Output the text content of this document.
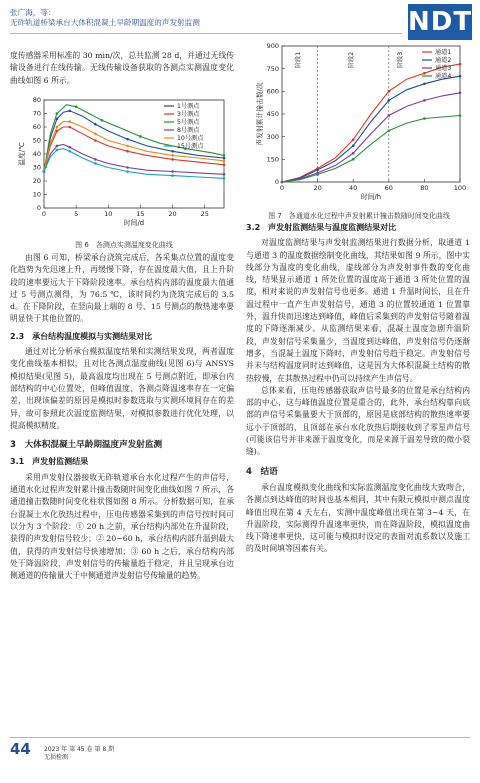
张广海，等：
无砟轨道桥梁承台大体积混凝土早龄期温度的声发射监测	NDT

度传感器采用标准的 30 min/次，总共监测 28 d，并通过无线传输设备进行在线传输。无线传输设备获取的各测点实测温度变化曲线如图 6 所示。

0	5	10	15	20	25
0
10
20
30
40
50
60
70
80
时间/d
温度/℃
1号测点
3号测点
5号测点
8号测点
10号测点
15号测点
图 6　各测点实测温度变化曲线

由图 6 可知，桥梁承台浇筑完成后，各采集点位置的温度变化趋势为先迅速上升，再缓慢下降，存在温度最大值，且上升阶段的速率要远大于下降阶段速率。承台结构内部的温度最大值通过 5 号测点测得，为 76.5 ℃，该时间约为浇筑完成后的 3.5 d。在下降阶段，在竖向最上端的 8 号、15 号测点的散热速率要明显快于其他位置的。

2.3　承台结构温度模拟与实测结果对比

通过对比分析承台模拟温度结果和实测结果发现，两者温度变化曲线基本相似，且对比各测点温度曲线(见图 6)与 ANSYS 模拟结果(见图 5)，最高温度均出现在 5 号测点附近，即承台内部结构的中心位置处，但峰值温度、各测点降温速率存在一定偏差，出现该偏差的原因是模拟时参数选取与实测环境间存在的差异，故可参照此次温度监测结果，对模拟参数进行优化处理，以提高模拟精度。

3　大体积混凝土早龄期温度声发射监测
3.1　声发射监测结果

采用声发射仪器接收无砟轨道承台水化过程产生的声信号，通道水化过程声发射累计撞击数随时间变化曲线如图 7 所示，各通道撞击数随时间变化柱状图如图 8 所示。分析数据可知，在承台混凝土水化放热过程中，压电传感器采集到的声信号按时间可以分为 3 个阶段：① 20 h 之前，承台结构内部处在升温阶段，获得的声发射信号较少；② 20~60 h，承台结构内部升温到最大值，获得的声发射信号快速增加；③ 60 h 之后，承台结构内部处于降温阶段，声发射信号的传输量趋于稳定，并且呈现承台边侧通道的传输量大于中侧通道声发射信号传输量的趋势。

0	20	40	60	80	100
0
150
300
450
600
750
900
时间/h
声发射累计撞击数/次
阶段1	阶段2	阶段3	通道1
通道2
通道3
通道4
图 7　各通道水化过程中声发射累计撞击数随时间变化曲线
3.2　声发射监测结果与温度监测结果对比

对温度监测结果与声发射监测结果进行数据分析，取通道 1 与通道 3 的温度数据绘制变化曲线，其结果如图 9 所示，图中实线部分为温度的变化曲线，虚线部分为声发射事件数的变化曲线，结果显示通道 1 所处位置的温度高于通道 3 所处位置的温度，相对来说的声发射信号也更多。通道 1 升温时间长，且在升温过程中一直产生声发射信号，通道 3 的位置较通道 1 位置靠外，温升快而迅速达到峰值，峰值后采集到的声发射信号随着温度的下降逐渐减少。从监测结果来看，混凝土温度急剧升温阶段，声发射信号采集量少，当温度到达峰值，声发射信号仍逐渐增多，当混凝土温度下降时，声发射信号趋于稳定。声发射信号并未与结构温度同时达到峰值，这是因为大体积混凝土结构的散热较慢，在其散热过程中仍可以持续产生声信号。

总体来看，压电传感器获取声信号最多的位置是承台结构内部的中心，这与峰值温度位置是重合的，此外，承台结构靠向底部的声信号采集量要大于顶部的，原因是底部结构的散热速率要远小于顶部的，且顶部在承台水化放热后期接收到了零星声信号(可能该信号并非来源于温度变化，而是来源于温差导致的微小裂缝)。

4　结语

承台温度模拟变化曲线和实际监测温度变化曲线大致吻合，各测点到达峰值的时间也基本相同，其中有限元模拟中测点温度峰值出现在第 4 天左右，实测中温度峰值出现在第 3~4 天，在升温阶段，实际测得升温速率更快，而在降温阶段，模拟温度曲线下降速率更快，这可能与模拟时设定的表面对流系数以及施工的及时间填等因素有关。

44 2023 年 第 45 卷 第 8 期
无损检测
